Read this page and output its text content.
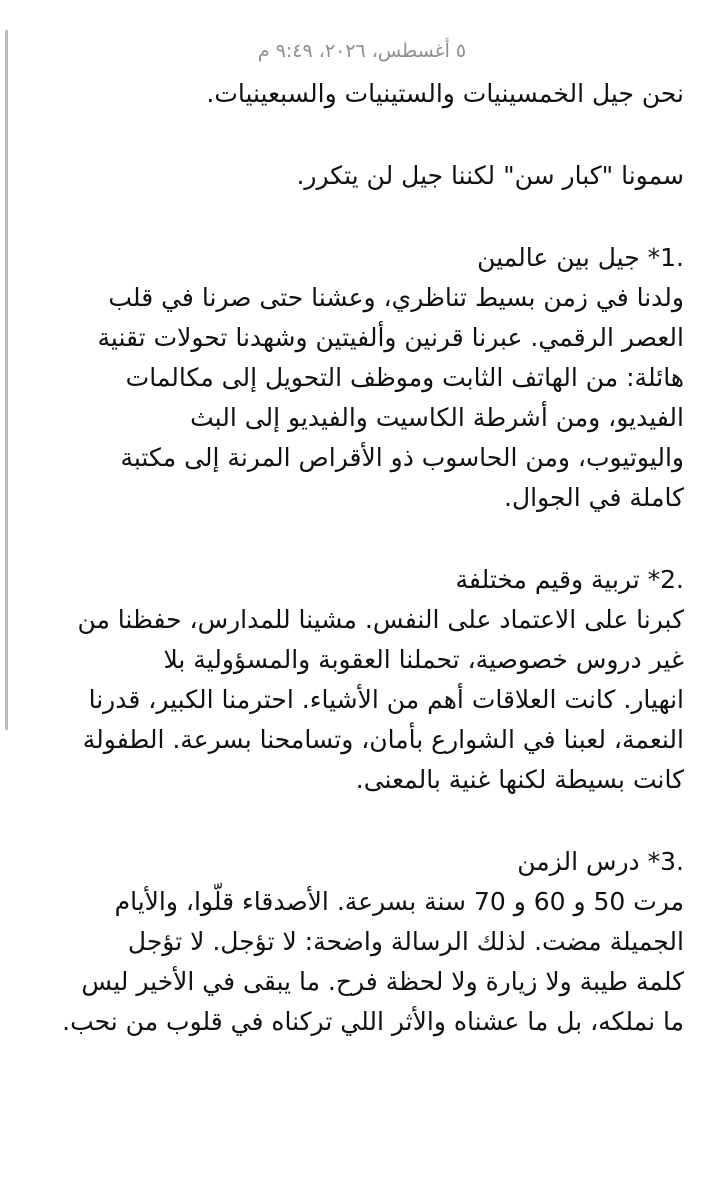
٥ أغسطس، ٢٠٢٦، ٩:٤٩ م

نحن جيل الخمسينيات والستينيات والسبعينيات.

سمونا "كبار سن" لكننا جيل لن يتكرر.

*1. جيل بين عالمين

ولدنا في زمن بسيط تناظري، وعشنا حتى صرنا في قلب

العصر الرقمي. عبرنا قرنين وألفيتين وشهدنا تحولات تقنية

هائلة: من الهاتف الثابت وموظف التحويل إلى مكالمات

الفيديو، ومن أشرطة الكاسيت والفيديو إلى البث

واليوتيوب، ومن الحاسوب ذو الأقراص المرنة إلى مكتبة

كاملة في الجوال.

*2. تربية وقيم مختلفة

كبرنا على الاعتماد على النفس. مشينا للمدارس، حفظنا من

غير دروس خصوصية، تحملنا العقوبة والمسؤولية بلا

انهيار. كانت العلاقات أهم من الأشياء. احترمنا الكبير، قدرنا

النعمة، لعبنا في الشوارع بأمان، وتسامحنا بسرعة. الطفولة

كانت بسيطة لكنها غنية بالمعنى.

*3. درس الزمن

مرت 50 و 60 و 70 سنة بسرعة. الأصدقاء قلّوا، والأيام

الجميلة مضت. لذلك الرسالة واضحة: لا تؤجل. لا تؤجل

كلمة طيبة ولا زيارة ولا لحظة فرح. ما يبقى في الأخير ليس

ما نملكه، بل ما عشناه والأثر اللي تركناه في قلوب من نحب.
